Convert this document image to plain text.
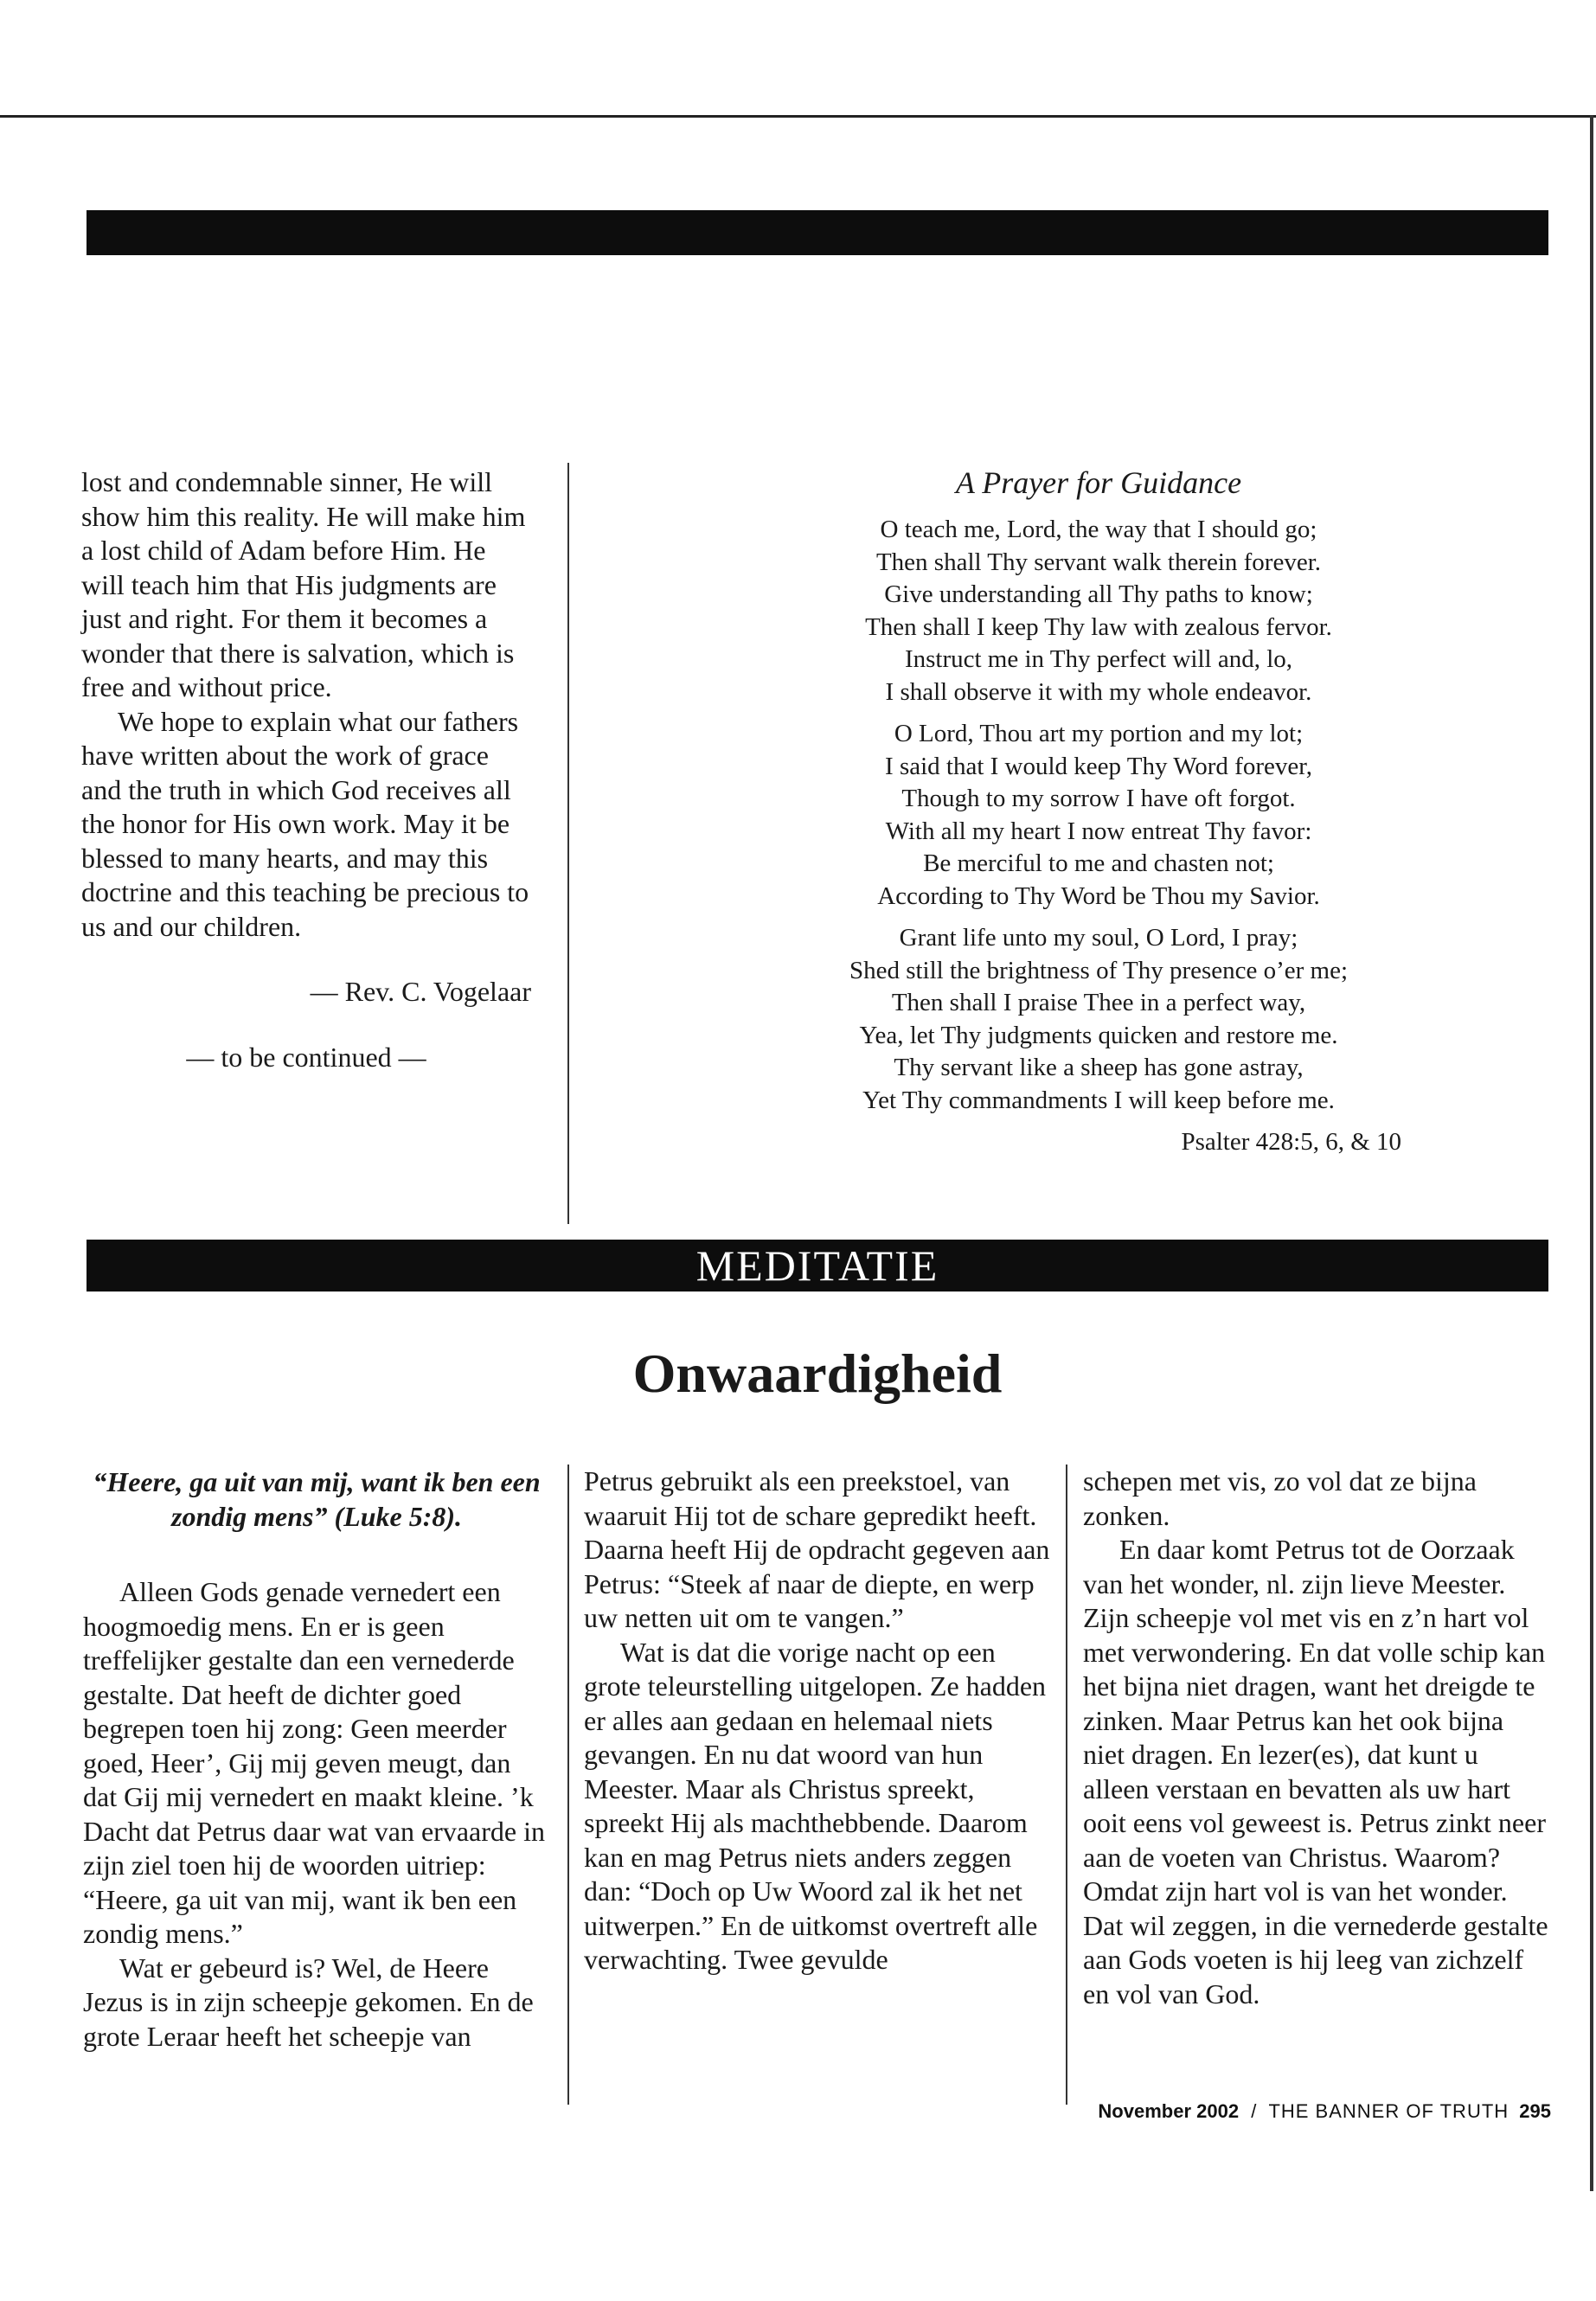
lost and condemnable sinner, He will show him this reality. He will make him a lost child of Adam before Him. He will teach him that His judgments are just and right. For them it becomes a wonder that there is salvation, which is free and without price.

We hope to explain what our fathers have written about the work of grace and the truth in which God receives all the honor for His own work. May it be blessed to many hearts, and may this doctrine and this teaching be precious to us and our children.

— Rev. C. Vogelaar

— to be continued —

A Prayer for Guidance
O teach me, Lord, the way that I should go;
Then shall Thy servant walk therein forever.
Give understanding all Thy paths to know;
Then shall I keep Thy law with zealous fervor.
Instruct me in Thy perfect will and, lo,
I shall observe it with my whole endeavor.
O Lord, Thou art my portion and my lot;
I said that I would keep Thy Word forever,
Though to my sorrow I have oft forgot.
With all my heart I now entreat Thy favor:
Be merciful to me and chasten not;
According to Thy Word be Thou my Savior.
Grant life unto my soul, O Lord, I pray;
Shed still the brightness of Thy presence o’er me;
Then shall I praise Thee in a perfect way,
Yea, let Thy judgments quicken and restore me.
Thy servant like a sheep has gone astray,
Yet Thy commandments I will keep before me.
Psalter 428:5, 6, & 10
MEDITATIE
Onwaardigheid
“Heere, ga uit van mij, want ik ben een zondig mens” (Luke 5:8).

Alleen Gods genade vernedert een hoogmoedig mens. En er is geen treffelijker gestalte dan een vernederde gestalte. Dat heeft de dichter goed begrepen toen hij zong: Geen meerder goed, Heer’, Gij mij geven meugt, dan dat Gij mij vernedert en maakt kleine. ’k Dacht dat Petrus daar wat van ervaarde in zijn ziel toen hij de woorden uitriep: “Heere, ga uit van mij, want ik ben een zondig mens.”

Wat er gebeurd is? Wel, de Heere Jezus is in zijn scheepje gekomen. En de grote Leraar heeft het scheepje van

Petrus gebruikt als een preekstoel, van waaruit Hij tot de schare gepredikt heeft. Daarna heeft Hij de opdracht gegeven aan Petrus: “Steek af naar de diepte, en werp uw netten uit om te vangen.”

Wat is dat die vorige nacht op een grote teleurstelling uitgelopen. Ze hadden er alles aan gedaan en helemaal niets gevangen. En nu dat woord van hun Meester. Maar als Christus spreekt, spreekt Hij als machthebbende. Daarom kan en mag Petrus niets anders zeggen dan: “Doch op Uw Woord zal ik het net uitwerpen.” En de uitkomst overtreft alle verwachting. Twee gevulde

schepen met vis, zo vol dat ze bijna zonken.

En daar komt Petrus tot de Oorzaak van het wonder, nl. zijn lieve Meester. Zijn scheepje vol met vis en z’n hart vol met verwondering. En dat volle schip kan het bijna niet dragen, want het dreigde te zinken. Maar Petrus kan het ook bijna niet dragen. En lezer(es), dat kunt u alleen verstaan en bevatten als uw hart ooit eens vol geweest is. Petrus zinkt neer aan de voeten van Christus. Waarom? Omdat zijn hart vol is van het wonder. Dat wil zeggen, in die vernederde gestalte aan Gods voeten is hij leeg van zichzelf en vol van God.

November 2002 / THE BANNER OF TRUTH 295
